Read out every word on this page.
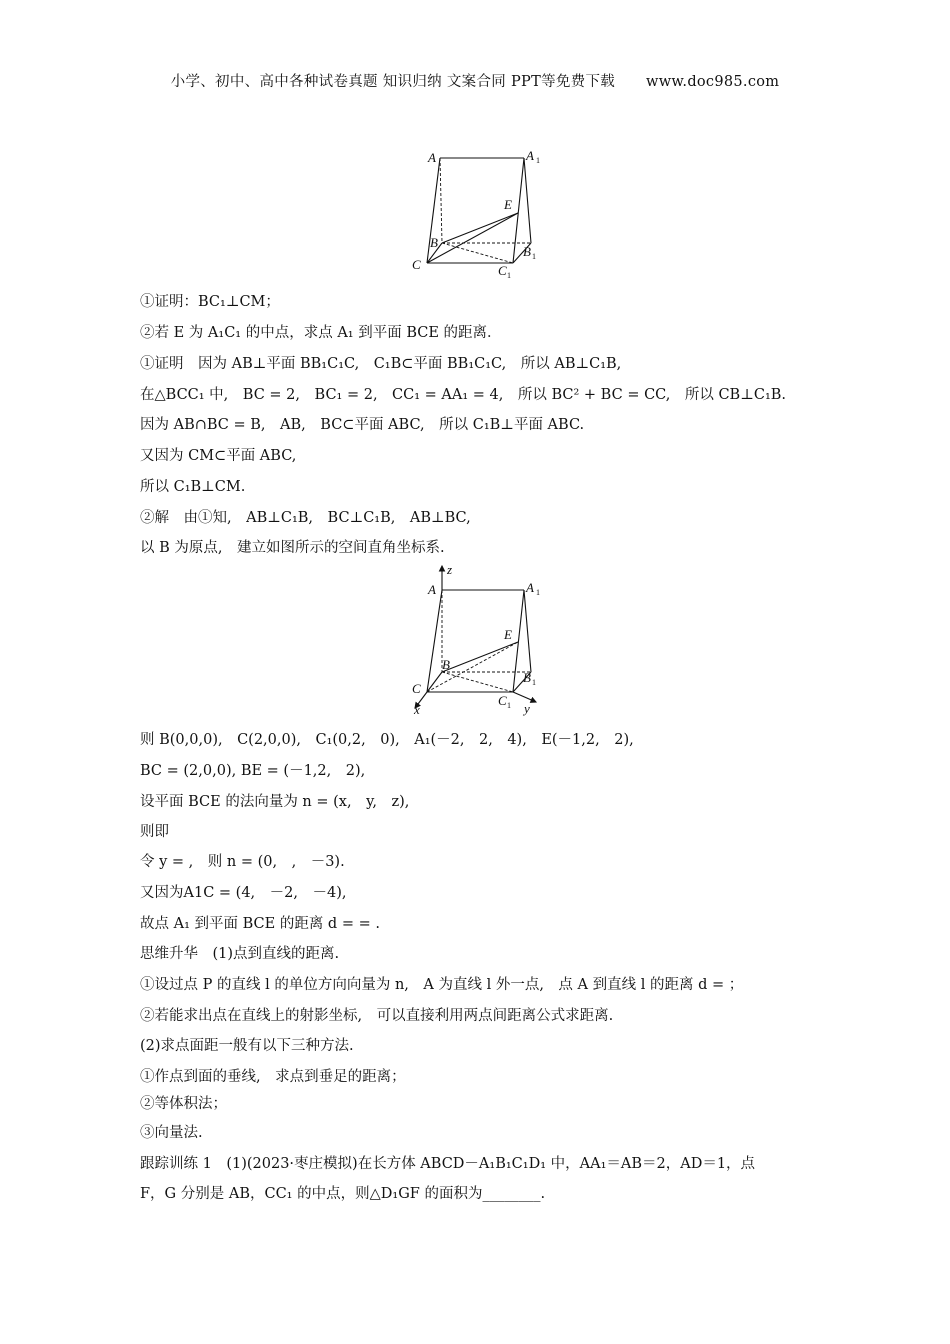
小学、初中、高中各种试卷真题 知识归纳 文案合同 PPT等免费下载 www.doc985.com
A	A 1
E
B
B 1
C	C 1
z
A	A 1
E
B
B 1
C
C 1
x	y
①证明：BC₁⊥CM；
②若 E 为 A₁C₁ 的中点，求点 A₁ 到平面 BCE 的距离．
①证明　因为 AB⊥平面 BB₁C₁C,　C₁B⊂平面 BB₁C₁C,　所以 AB⊥C₁B,
在△BCC₁ 中,　BC = 2,　BC₁ = 2,　CC₁ = AA₁ = 4,　所以 BC² + BC = CC,　所以 CB⊥C₁B.
因为 AB∩BC = B,　AB,　BC⊂平面 ABC,　所以 C₁B⊥平面 ABC.
又因为 CM⊂平面 ABC,
所以 C₁B⊥CM.
②解　由①知,　AB⊥C₁B,　BC⊥C₁B,　AB⊥BC,
以 B 为原点,　建立如图所示的空间直角坐标系.
则 B(0,0,0),　C(2,0,0),　C₁(0,2,　0),　A₁(－2,　2,　4),　E(－1,2,　2),
BC = (2,0,0), BE = (－1,2,　2),
设平面 BCE 的法向量为 n = (x,　y,　z),
则即
令 y = ,　则 n = (0,　,　－3).
又因为A1C = (4,　－2,　－4),
故点 A₁ 到平面 BCE 的距离 d = = .
思维升华　(1)点到直线的距离.
①设过点 P 的直线 l 的单位方向向量为 n,　A 为直线 l 外一点,　点 A 到直线 l 的距离 d = ；
②若能求出点在直线上的射影坐标,　可以直接利用两点间距离公式求距离.
(2)求点面距一般有以下三种方法.
①作点到面的垂线,　求点到垂足的距离；
②等体积法；
③向量法.
跟踪训练 1　(1)(2023·枣庄模拟)在长方体 ABCD－A₁B₁C₁D₁ 中，AA₁＝AB＝2，AD＝1，点
F，G 分别是 AB，CC₁ 的中点，则△D₁GF 的面积为________.
